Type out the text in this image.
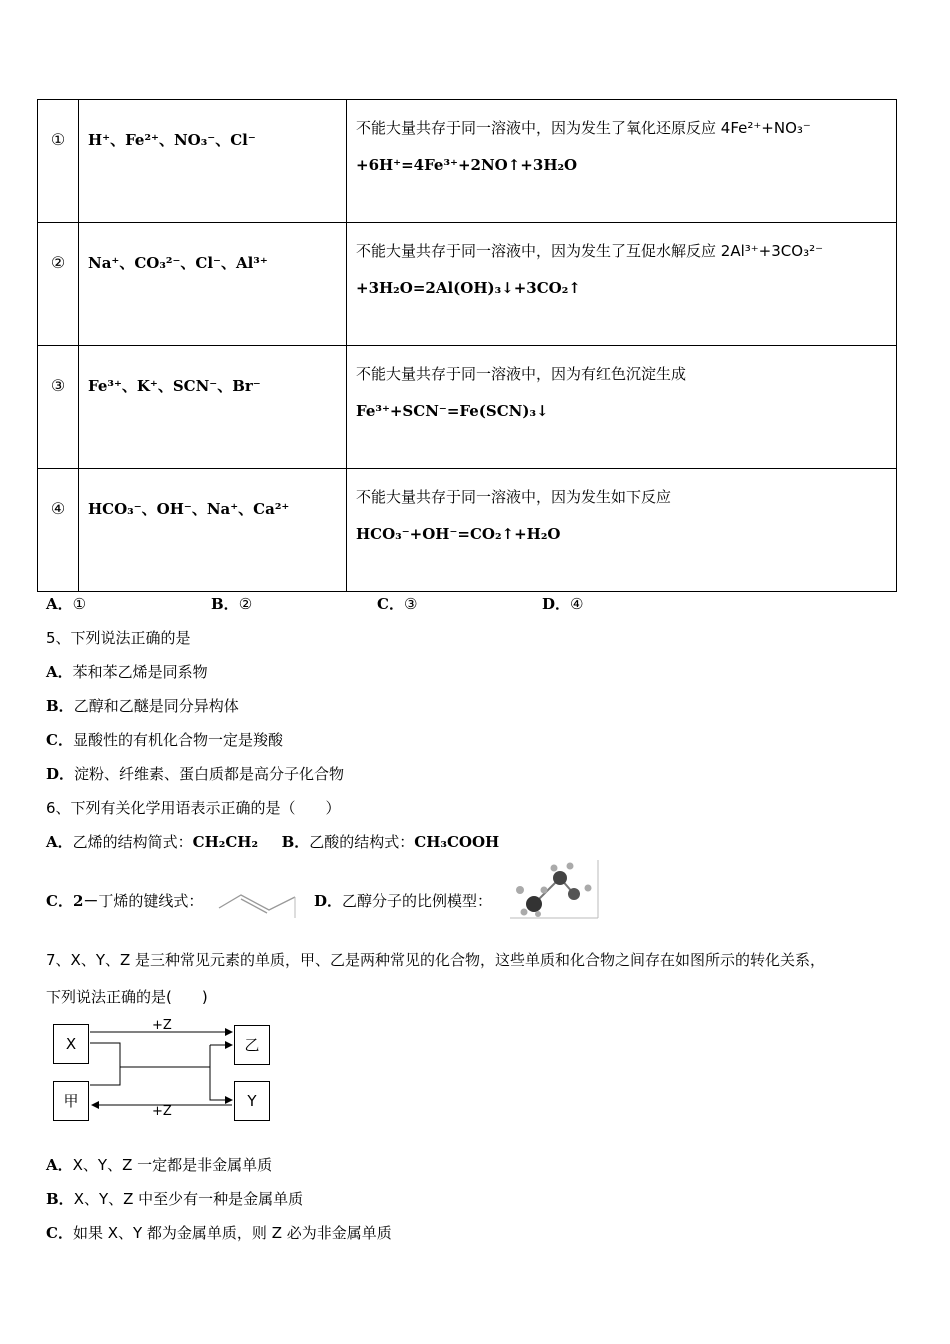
①	H⁺、Fe²⁺、NO₃⁻、Cl⁻	不能大量共存于同一溶液中，因为发生了氧化还原反应 4Fe²⁺+NO₃⁻
+6H⁺=4Fe³⁺+2NO↑+3H₂O

②	Na⁺、CO₃²⁻、Cl⁻、Al³⁺	不能大量共存于同一溶液中，因为发生了互促水解反应 2Al³⁺+3CO₃²⁻
+3H₂O=2Al(OH)₃↓+3CO₂↑

③	Fe³⁺、K⁺、SCN⁻、Br⁻	不能大量共存于同一溶液中，因为有红色沉淀生成
Fe³⁺+SCN⁻=Fe(SCN)₃↓

④	HCO₃⁻、OH⁻、Na⁺、Ca²⁺	不能大量共存于同一溶液中，因为发生如下反应
HCO₃⁻+OH⁻=CO₂↑+H₂O
A．①	B．②	C．③	D．④
5、下列说法正确的是
A．苯和苯乙烯是同系物
B．乙醇和乙醚是同分异构体
C．显酸性的有机化合物一定是羧酸
D．淀粉、纤维素、蛋白质都是高分子化合物
6、下列有关化学用语表示正确的是（　　）
A．乙烯的结构简式：CH₂CH₂ B．乙酸的结构式：CH₃COOH
C．2－丁烯的键线式：	D．乙醇分子的比例模型：
7、X、Y、Z 是三种常见元素的单质，甲、乙是两种常见的化合物，这些单质和化合物之间存在如图所示的转化关系，
下列说法正确的是(　　)
X
甲
乙
Y
+Z
+Z
A．X、Y、Z 一定都是非金属单质
B．X、Y、Z 中至少有一种是金属单质
C．如果 X、Y 都为金属单质，则 Z 必为非金属单质
